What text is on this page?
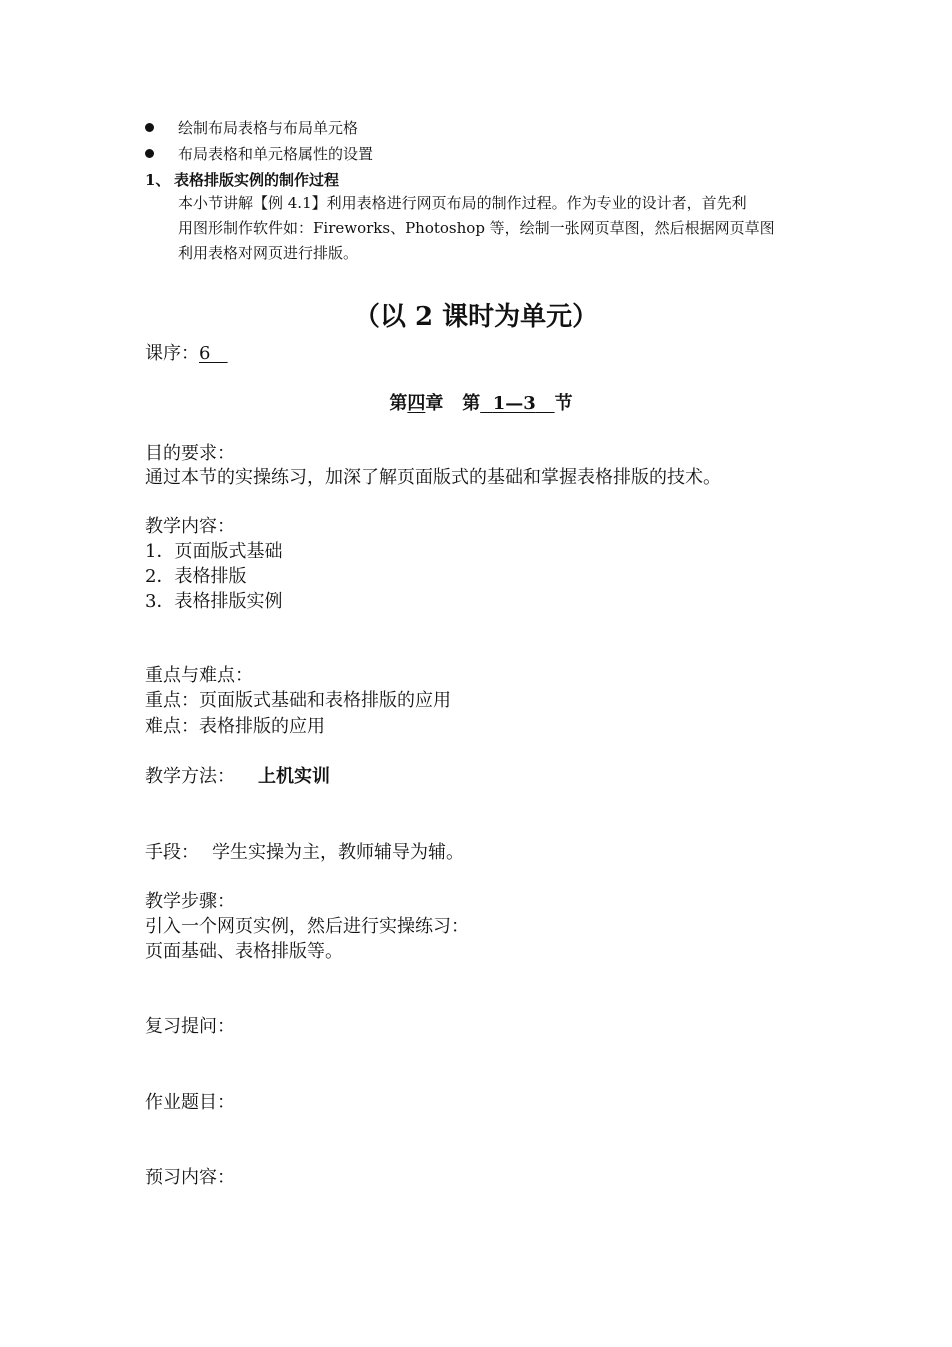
绘制布局表格与布局单元格
布局表格和单元格属性的设置
1、 表格排版实例的制作过程
本小节讲解【例 4.1】利用表格进行网页布局的制作过程。作为专业的设计者，首先利
用图形制作软件如：Fireworks、Photoshop 等，绘制一张网页草图，然后根据网页草图
利用表格对网页进行排版。
（以 2 课时为单元）
课序：6
第四章 第 1—3 节
目的要求：
通过本节的实操练习，加深了解页面版式的基础和掌握表格排版的技术。
教学内容：
1．页面版式基础
2．表格排版
3．表格排版实例
重点与难点：
重点：页面版式基础和表格排版的应用
难点：表格排版的应用
教学方法： 上机实训
手段： 学生实操为主，教师辅导为辅。
教学步骤：
引入一个网页实例，然后进行实操练习：
页面基础、表格排版等。
复习提问：
作业题目：
预习内容：
